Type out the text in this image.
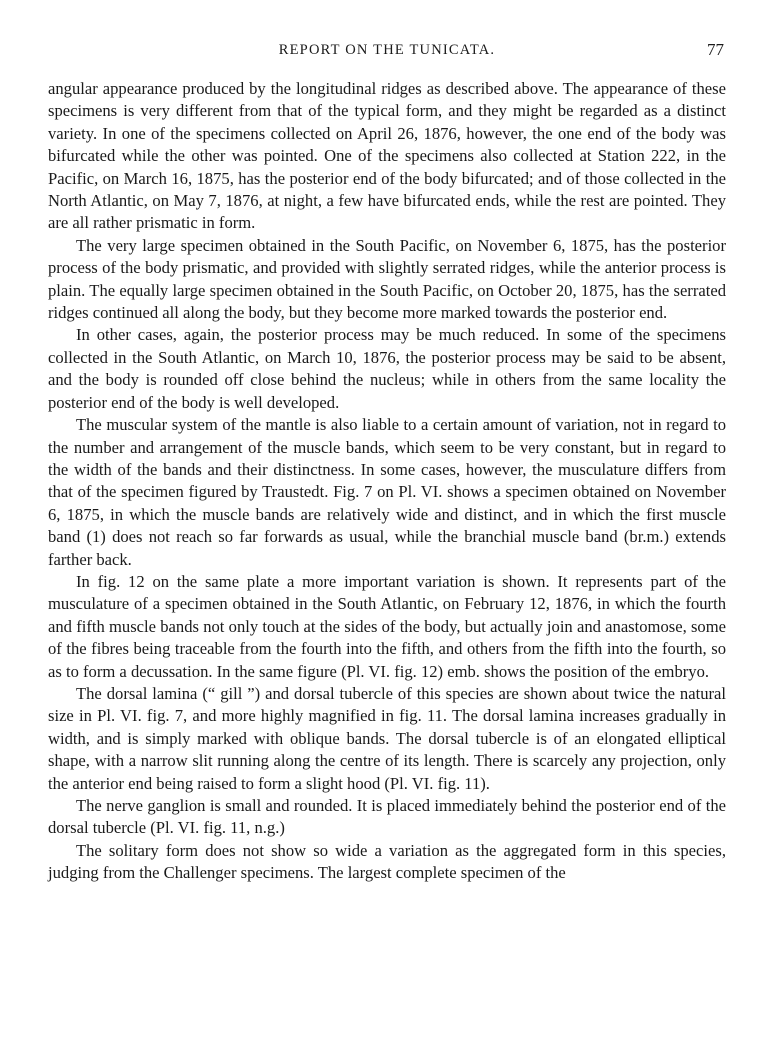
REPORT ON THE TUNICATA.	77

angular appearance produced by the longitudinal ridges as described above. The appearance of these specimens is very different from that of the typical form, and they might be regarded as a distinct variety. In one of the specimens collected on April 26, 1876, however, the one end of the body was bifurcated while the other was pointed. One of the specimens also collected at Station 222, in the Pacific, on March 16, 1875, has the posterior end of the body bifurcated; and of those collected in the North Atlantic, on May 7, 1876, at night, a few have bifurcated ends, while the rest are pointed. They are all rather prismatic in form.

The very large specimen obtained in the South Pacific, on November 6, 1875, has the posterior process of the body prismatic, and provided with slightly serrated ridges, while the anterior process is plain. The equally large specimen obtained in the South Pacific, on October 20, 1875, has the serrated ridges continued all along the body, but they become more marked towards the posterior end.

In other cases, again, the posterior process may be much reduced. In some of the specimens collected in the South Atlantic, on March 10, 1876, the posterior process may be said to be absent, and the body is rounded off close behind the nucleus; while in others from the same locality the posterior end of the body is well developed.

The muscular system of the mantle is also liable to a certain amount of variation, not in regard to the number and arrangement of the muscle bands, which seem to be very constant, but in regard to the width of the bands and their distinctness. In some cases, however, the musculature differs from that of the specimen figured by Traustedt. Fig. 7 on Pl. VI. shows a specimen obtained on November 6, 1875, in which the muscle bands are relatively wide and distinct, and in which the first muscle band (1) does not reach so far forwards as usual, while the branchial muscle band (br.m.) extends farther back.

In fig. 12 on the same plate a more important variation is shown. It represents part of the musculature of a specimen obtained in the South Atlantic, on February 12, 1876, in which the fourth and fifth muscle bands not only touch at the sides of the body, but actually join and anastomose, some of the fibres being traceable from the fourth into the fifth, and others from the fifth into the fourth, so as to form a decussation. In the same figure (Pl. VI. fig. 12) emb. shows the position of the embryo.

The dorsal lamina (“ gill ”) and dorsal tubercle of this species are shown about twice the natural size in Pl. VI. fig. 7, and more highly magnified in fig. 11. The dorsal lamina increases gradually in width, and is simply marked with oblique bands. The dorsal tubercle is of an elongated elliptical shape, with a narrow slit running along the centre of its length. There is scarcely any projection, only the anterior end being raised to form a slight hood (Pl. VI. fig. 11).

The nerve ganglion is small and rounded. It is placed immediately behind the posterior end of the dorsal tubercle (Pl. VI. fig. 11, n.g.)

The solitary form does not show so wide a variation as the aggregated form in this species, judging from the Challenger specimens. The largest complete specimen of the
